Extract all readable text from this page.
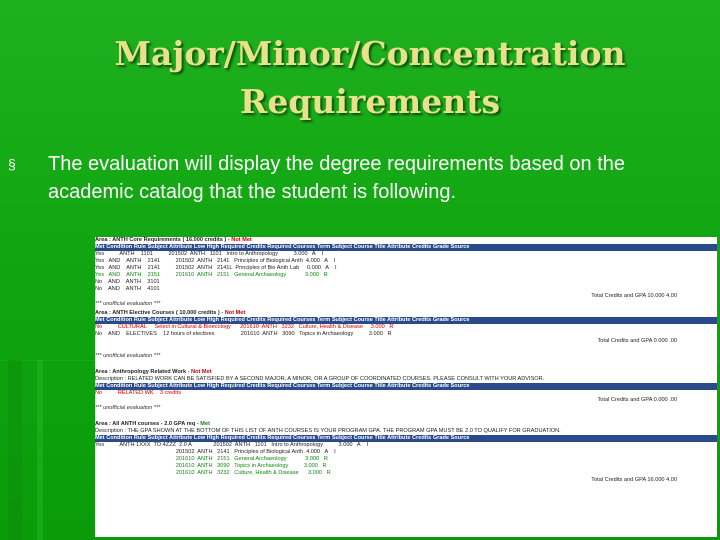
Major/Minor/Concentration
Requirements
§ The evaluation will display the degree requirements based on the academic catalog that the student is following.
Area : ANTH Core Requirements ( 16.000 credits ) - Not Met
Met Condition Rule Subject Attribute Low High Required Credits Required Courses Term Subject Course Title Attribute Credits Grade Source
Yes          ANTH    1101          201502  ANTH   1101   Intro to Anthropology          3.000   A    I
Yes   AND    ANTH    2141          201502  ANTH   2141   Principles of Biological Anth  4.000   A    I
Yes   AND    ANTH    2141          201502  ANTH   2141L  Principles of Bio Anth Lab     0.000   A    I
Yes   AND    ANTH    2151          201610  ANTH   2151   General Archaeology            3.000   R
No    AND    ANTH    3101
No    AND    ANTH    4101
Total Credits and GPA 10.000 4.00
*** unofficial evaluation ***
Area : ANTH Elective Courses ( 10.000 credits ) - Not Met
Met Condition Rule Subject Attribute Low High Required Credits Required Courses Term Subject Course Title Attribute Credits Grade Source
No          CULTURAL     Select in Cultural & Bioecology      201610  ANTH   3232   Culture, Health & Disease     3.000   R
No    AND    ELECTIVES    12 hours of electives                 201610  ANTH   3090   Topics in Archaeology          3.000   R
Total Credits and GPA 0.000 .00
*** unofficial evaluation ***
Area : Anthropology Related Work - Not Met
Description : RELATED WORK CAN BE SATISFIED BY A SECOND MAJOR, A MINOR, OR A GROUP OF COORDINATED COURSES. PLEASE CONSULT WITH YOUR ADVISOR.
Met Condition Rule Subject Attribute Low High Required Credits Required Courses Term Subject Course Title Attribute Credits Grade Source
No          RELATED WK    3 credits
Total Credits and GPA 0.000 .00
*** unofficial evaluation ***
Area : All ANTH courses - 2.0 GPA req - Met
Description : THE GPA SHOWN AT THE BOTTOM OF THIS LIST OF ANTH COURSES IS YOUR PROGRAM GPA. THE PROGRAM GPA MUST BE 2.0 TO QUALIFY FOR GRADUATION.
Met Condition Rule Subject Attribute Low High Required Credits Required Courses Term Subject Course Title Attribute Credits Grade Source
Yes          ANTH 1XXX  TO 4ZZZ  2.0 A              201502  ANTH   1101   Intro to Anthropology          3.000   A    I
201502  ANTH   2141   Principles of Biological Anth  4.000   A    I
201610  ANTH   2151   General Archaeology            3.000   R
201610  ANTH   3090   Topics in Archaeology          3.000   R
201610  ANTH   3232   Culture, Health & Disease      3.000   R
Total Credits and GPA 16.000 4.00
